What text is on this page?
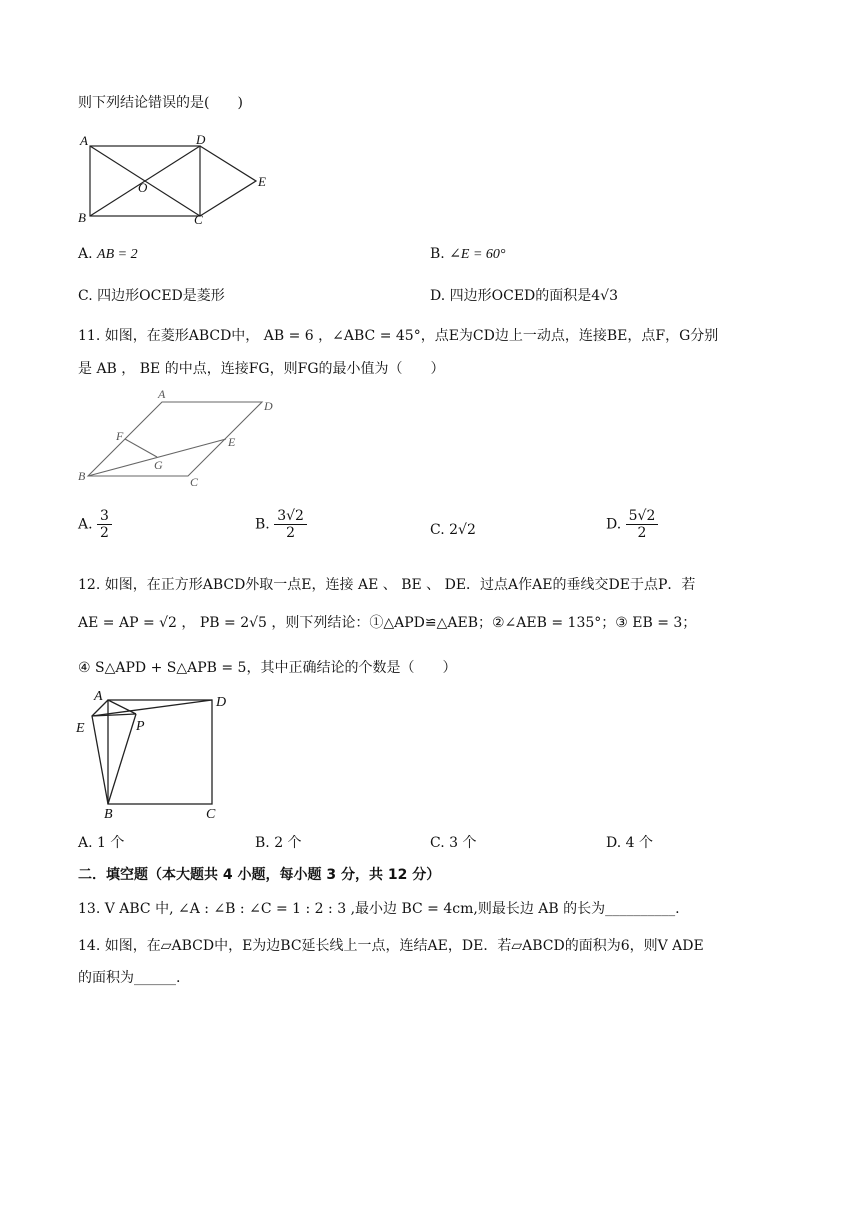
则下列结论错误的是(　　)
A	D
O	E
B	C
A. AB = 2	B. ∠E = 60°
C. 四边形OCED是菱形	D. 四边形OCED的面积是4√3
11. 如图，在菱形ABCD中， AB = 6 ，∠ABC = 45°，点E为CD边上一动点，连接BE，点F，G分别
是 AB ， BE 的中点，连接FG，则FG的最小值为（　　）
A
D
F	E
G
B	C
A. $\frac{3}{2}$	B. $\frac{3√2}{2}$	C. 2√2	D. $\frac{5√2}{2}$
12. 如图，在正方形ABCD外取一点E，连接 AE 、 BE 、 DE．过点A作AE的垂线交DE于点P．若
AE = AP = √2 ， PB = 2√5 ，则下列结论：①△APD≌△AEB；②∠AEB = 135°；③ EB = 3；
④ S△APD + S△APB = 5，其中正确结论的个数是（　　）
A	D
E	P
B	C
A. 1 个	B. 2 个	C. 3 个	D. 4 个
二．填空题（本大题共 4 小题，每小题 3 分，共 12 分）
13. V ABC 中, ∠A : ∠B : ∠C = 1 : 2 : 3 ,最小边 BC = 4cm,则最长边 AB 的长为__________.
14. 如图，在▱ABCD中，E为边BC延长线上一点，连结AE，DE．若▱ABCD的面积为6，则V ADE
的面积为______.
